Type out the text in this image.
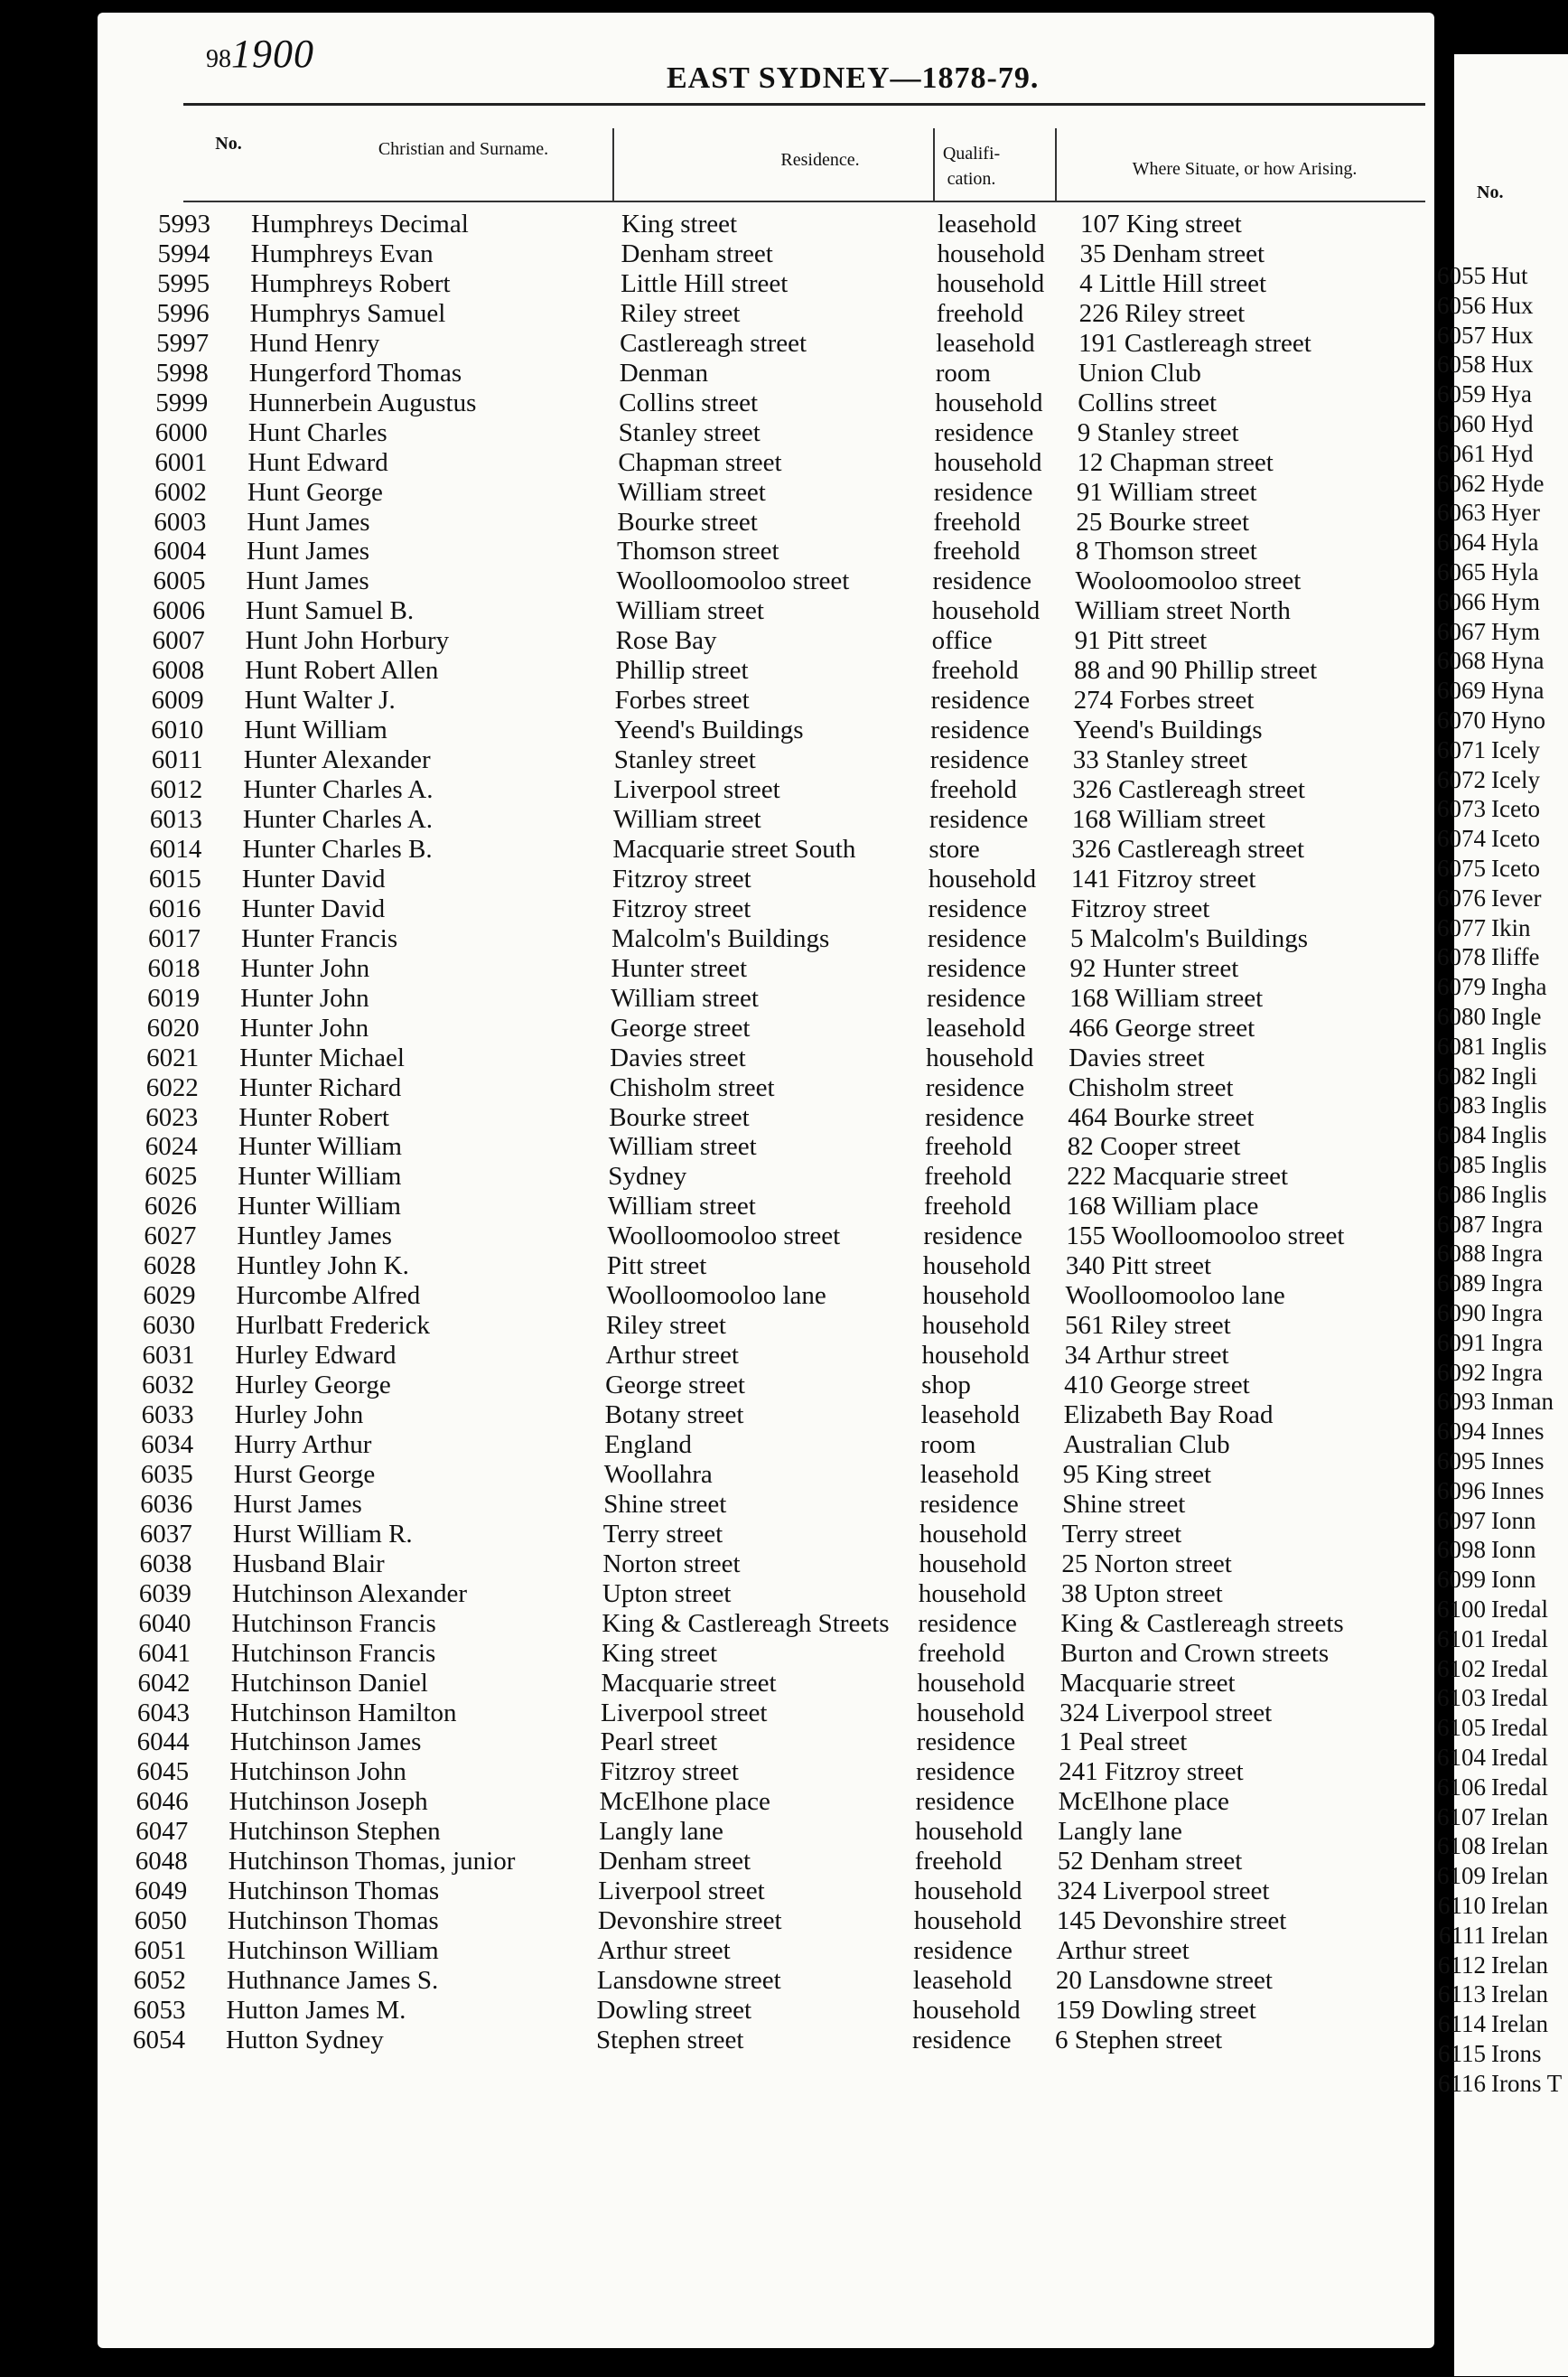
981900
EAST SYDNEY—1878-79.
No.	Christian and Surname.
Residence.	Qualifi-cation.	Where Situate, or how Arising.
5993 Humphreys Decimal	King street	leasehold 107 King street
5994 Humphreys Evan	Denham street	household 35 Denham street
5995 Humphreys Robert	Little Hill street	household 4 Little Hill street
5996 Humphrys Samuel	Riley street	freehold 226 Riley street
5997 Hund Henry	Castlereagh street	leasehold 191 Castlereagh street
5998 Hungerford Thomas	Denman	room	Union Club
5999 Hunnerbein Augustus	Collins street	household Collins street
6000 Hunt Charles	Stanley street	residence 9 Stanley street
6001 Hunt Edward	Chapman street	household 12 Chapman street
6002 Hunt George	William street	residence 91 William street
6003 Hunt James	Bourke street	freehold 25 Bourke street
6004 Hunt James	Thomson street	freehold 8 Thomson street
6005 Hunt James	Woolloomooloo street	residence Wooloomooloo street
6006 Hunt Samuel B.	William street	household William street North
6007 Hunt John Horbury	Rose Bay	office	91 Pitt street
6008 Hunt Robert Allen	Phillip street	freehold 88 and 90 Phillip street
6009 Hunt Walter J.	Forbes street	residence 274 Forbes street
6010 Hunt William	Yeend's Buildings	residence Yeend's Buildings
6011 Hunter Alexander	Stanley street	residence 33 Stanley street
6012 Hunter Charles A.	Liverpool street	freehold 326 Castlereagh street
6013 Hunter Charles A.	William street	residence 168 William street
6014 Hunter Charles B.	Macquarie street South	store	326 Castlereagh street
6015 Hunter David	Fitzroy street	household 141 Fitzroy street
6016 Hunter David	Fitzroy street	residence Fitzroy street
6017 Hunter Francis	Malcolm's Buildings	residence 5 Malcolm's Buildings
6018 Hunter John	Hunter street	residence 92 Hunter street
6019 Hunter John	William street	residence 168 William street
6020 Hunter John	George street	leasehold 466 George street
6021 Hunter Michael	Davies street	household Davies street
6022 Hunter Richard	Chisholm street	residence Chisholm street
6023 Hunter Robert	Bourke street	residence 464 Bourke street
6024 Hunter William	William street	freehold 82 Cooper street
6025 Hunter William	Sydney	freehold 222 Macquarie street
6026 Hunter William	William street	freehold 168 William place
6027 Huntley James	Woolloomooloo street	residence 155 Woolloomooloo street
6028 Huntley John K.	Pitt street	household 340 Pitt street
6029 Hurcombe Alfred	Woolloomooloo lane	household Woolloomooloo lane
6030 Hurlbatt Frederick	Riley street	household 561 Riley street
6031 Hurley Edward	Arthur street	household 34 Arthur street
6032 Hurley George	George street	shop	410 George street
6033 Hurley John	Botany street	leasehold Elizabeth Bay Road
6034 Hurry Arthur	England	room	Australian Club
6035 Hurst George	Woollahra	leasehold 95 King street
6036 Hurst James	Shine street	residence Shine street
6037 Hurst William R.	Terry street	household Terry street
6038 Husband Blair	Norton street	household 25 Norton street
6039 Hutchinson Alexander	Upton street	household 38 Upton street
6040 Hutchinson Francis	King & Castlereagh Streets residence King & Castlereagh streets
6041 Hutchinson Francis	King street	freehold Burton and Crown streets
6042 Hutchinson Daniel	Macquarie street	household Macquarie street
6043 Hutchinson Hamilton	Liverpool street	household 324 Liverpool street
6044 Hutchinson James	Pearl street	residence 1 Peal street
6045 Hutchinson John	Fitzroy street	residence 241 Fitzroy street
6046 Hutchinson Joseph	McElhone place	residence McElhone place
6047 Hutchinson Stephen	Langly lane	household Langly lane
6048 Hutchinson Thomas, junior	Denham street	freehold 52 Denham street
6049 Hutchinson Thomas	Liverpool street	household 324 Liverpool street
6050 Hutchinson Thomas	Devonshire street	household 145 Devonshire street
6051 Hutchinson William	Arthur street	residence Arthur street
6052 Huthnance James S.	Lansdowne street	leasehold 20 Lansdowne street
6053 Hutton James M.	Dowling street	household 159 Dowling street
6054 Hutton Sydney	Stephen street	residence 6 Stephen street
No.
6055 Hut
6056 Hux
6057 Hux
6058 Hux
6059 Hya
6060 Hyd
6061 Hyd
6062 Hyde
6063 Hyer
6064 Hyla
6065 Hyla
6066 Hym
6067 Hym
6068 Hyna
6069 Hyna
6070 Hyno
6071 Icely
6072 Icely
6073 Iceto
6074 Iceto
6075 Iceto
6076 Iever
6077 Ikin
6078 Iliffe
6079 Ingha
6080 Ingle
6081 Inglis
6082 Ingli
6083 Inglis
6084 Inglis
6085 Inglis
6086 Inglis
6087 Ingra
6088 Ingra
6089 Ingra
6090 Ingra
6091 Ingra
6092 Ingra
6093 Inman
6094 Innes
6095 Innes
6096 Innes
6097 Ionn
6098 Ionn
6099 Ionn
6100 Iredal
6101 Iredal
6102 Iredal
6103 Iredal
6105 Iredal
6104 Iredal
6106 Iredal
6107 Irelan
6108 Irelan
6109 Irelan
6110 Irelan
6111 Irelan
6112 Irelan
6113 Irelan
6114 Irelan
6115 Irons
6116 Irons T
